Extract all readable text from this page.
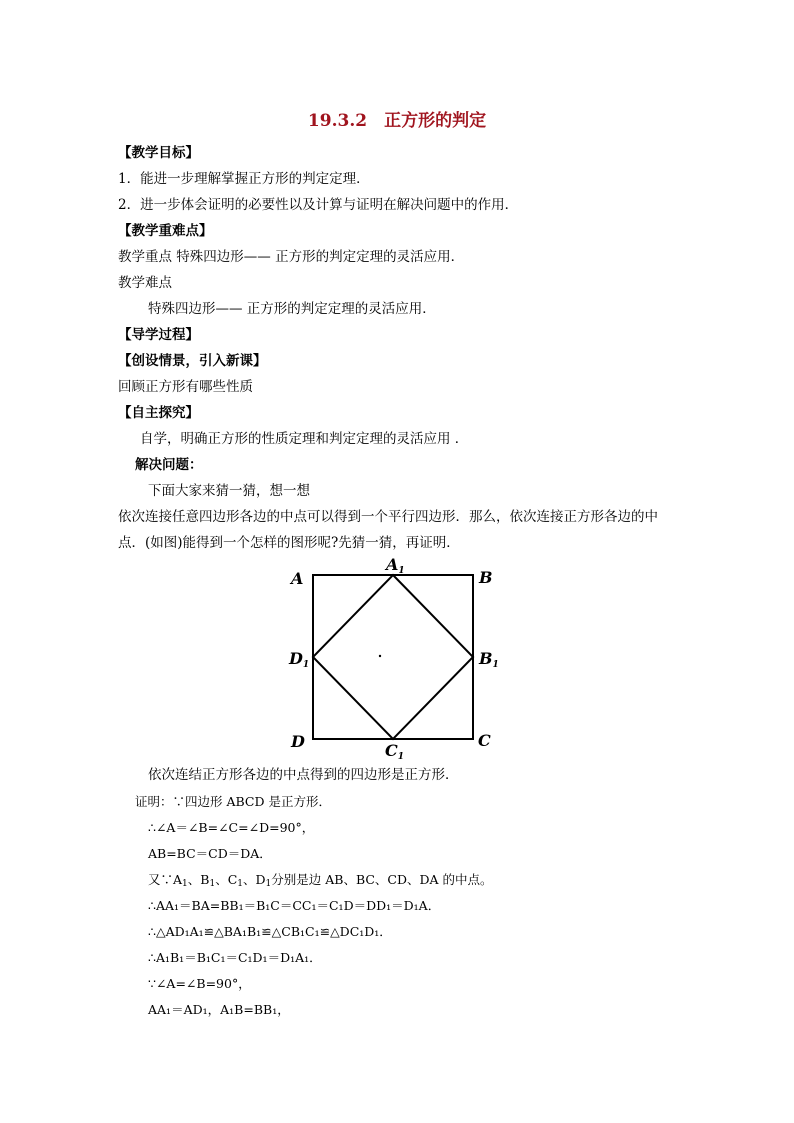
19.3.2　正方形的判定
【教学目标】
1．能进一步理解掌握正方形的判定定理．
2．进一步体会证明的必要性以及计算与证明在解决问题中的作用．
【教学重难点】
教学重点 特殊四边形—— 正方形的判定定理的灵活应用．
教学难点
特殊四边形—— 正方形的判定定理的灵活应用．
【导学过程】
【创设情景，引入新课】
回顾正方形有哪些性质
【自主探究】
自学，明确正方形的性质定理和判定定理的灵活应用 ．
解决问题：
下面大家来猜一猜，想一想
依次连接任意四边形各边的中点可以得到一个平行四边形．那么，依次连接正方形各边的中
点．(如图)能得到一个怎样的图形呢?先猜一猜，再证明．
A	B
C
D
A1
B1
C1
D1
依次连结正方形各边的中点得到的四边形是正方形．
证明：∵四边形 ABCD 是正方形．
∴∠A＝∠B=∠C=∠D=90°，
AB=BC＝CD＝DA．
又$\because A_1$、$B_1$、$C_1$、$D_1$分别是边 AB、BC、CD、DA 的中点。
∴AA₁＝BA=BB₁＝B₁C＝CC₁＝C₁D＝DD₁＝D₁A．
∴△AD₁A₁≌△BA₁B₁≌△CB₁C₁≌△DC₁D₁．
∴A₁B₁＝B₁C₁＝C₁D₁＝D₁A₁．
∵∠A=∠B=90°，
AA₁＝AD₁，A₁B=BB₁，
